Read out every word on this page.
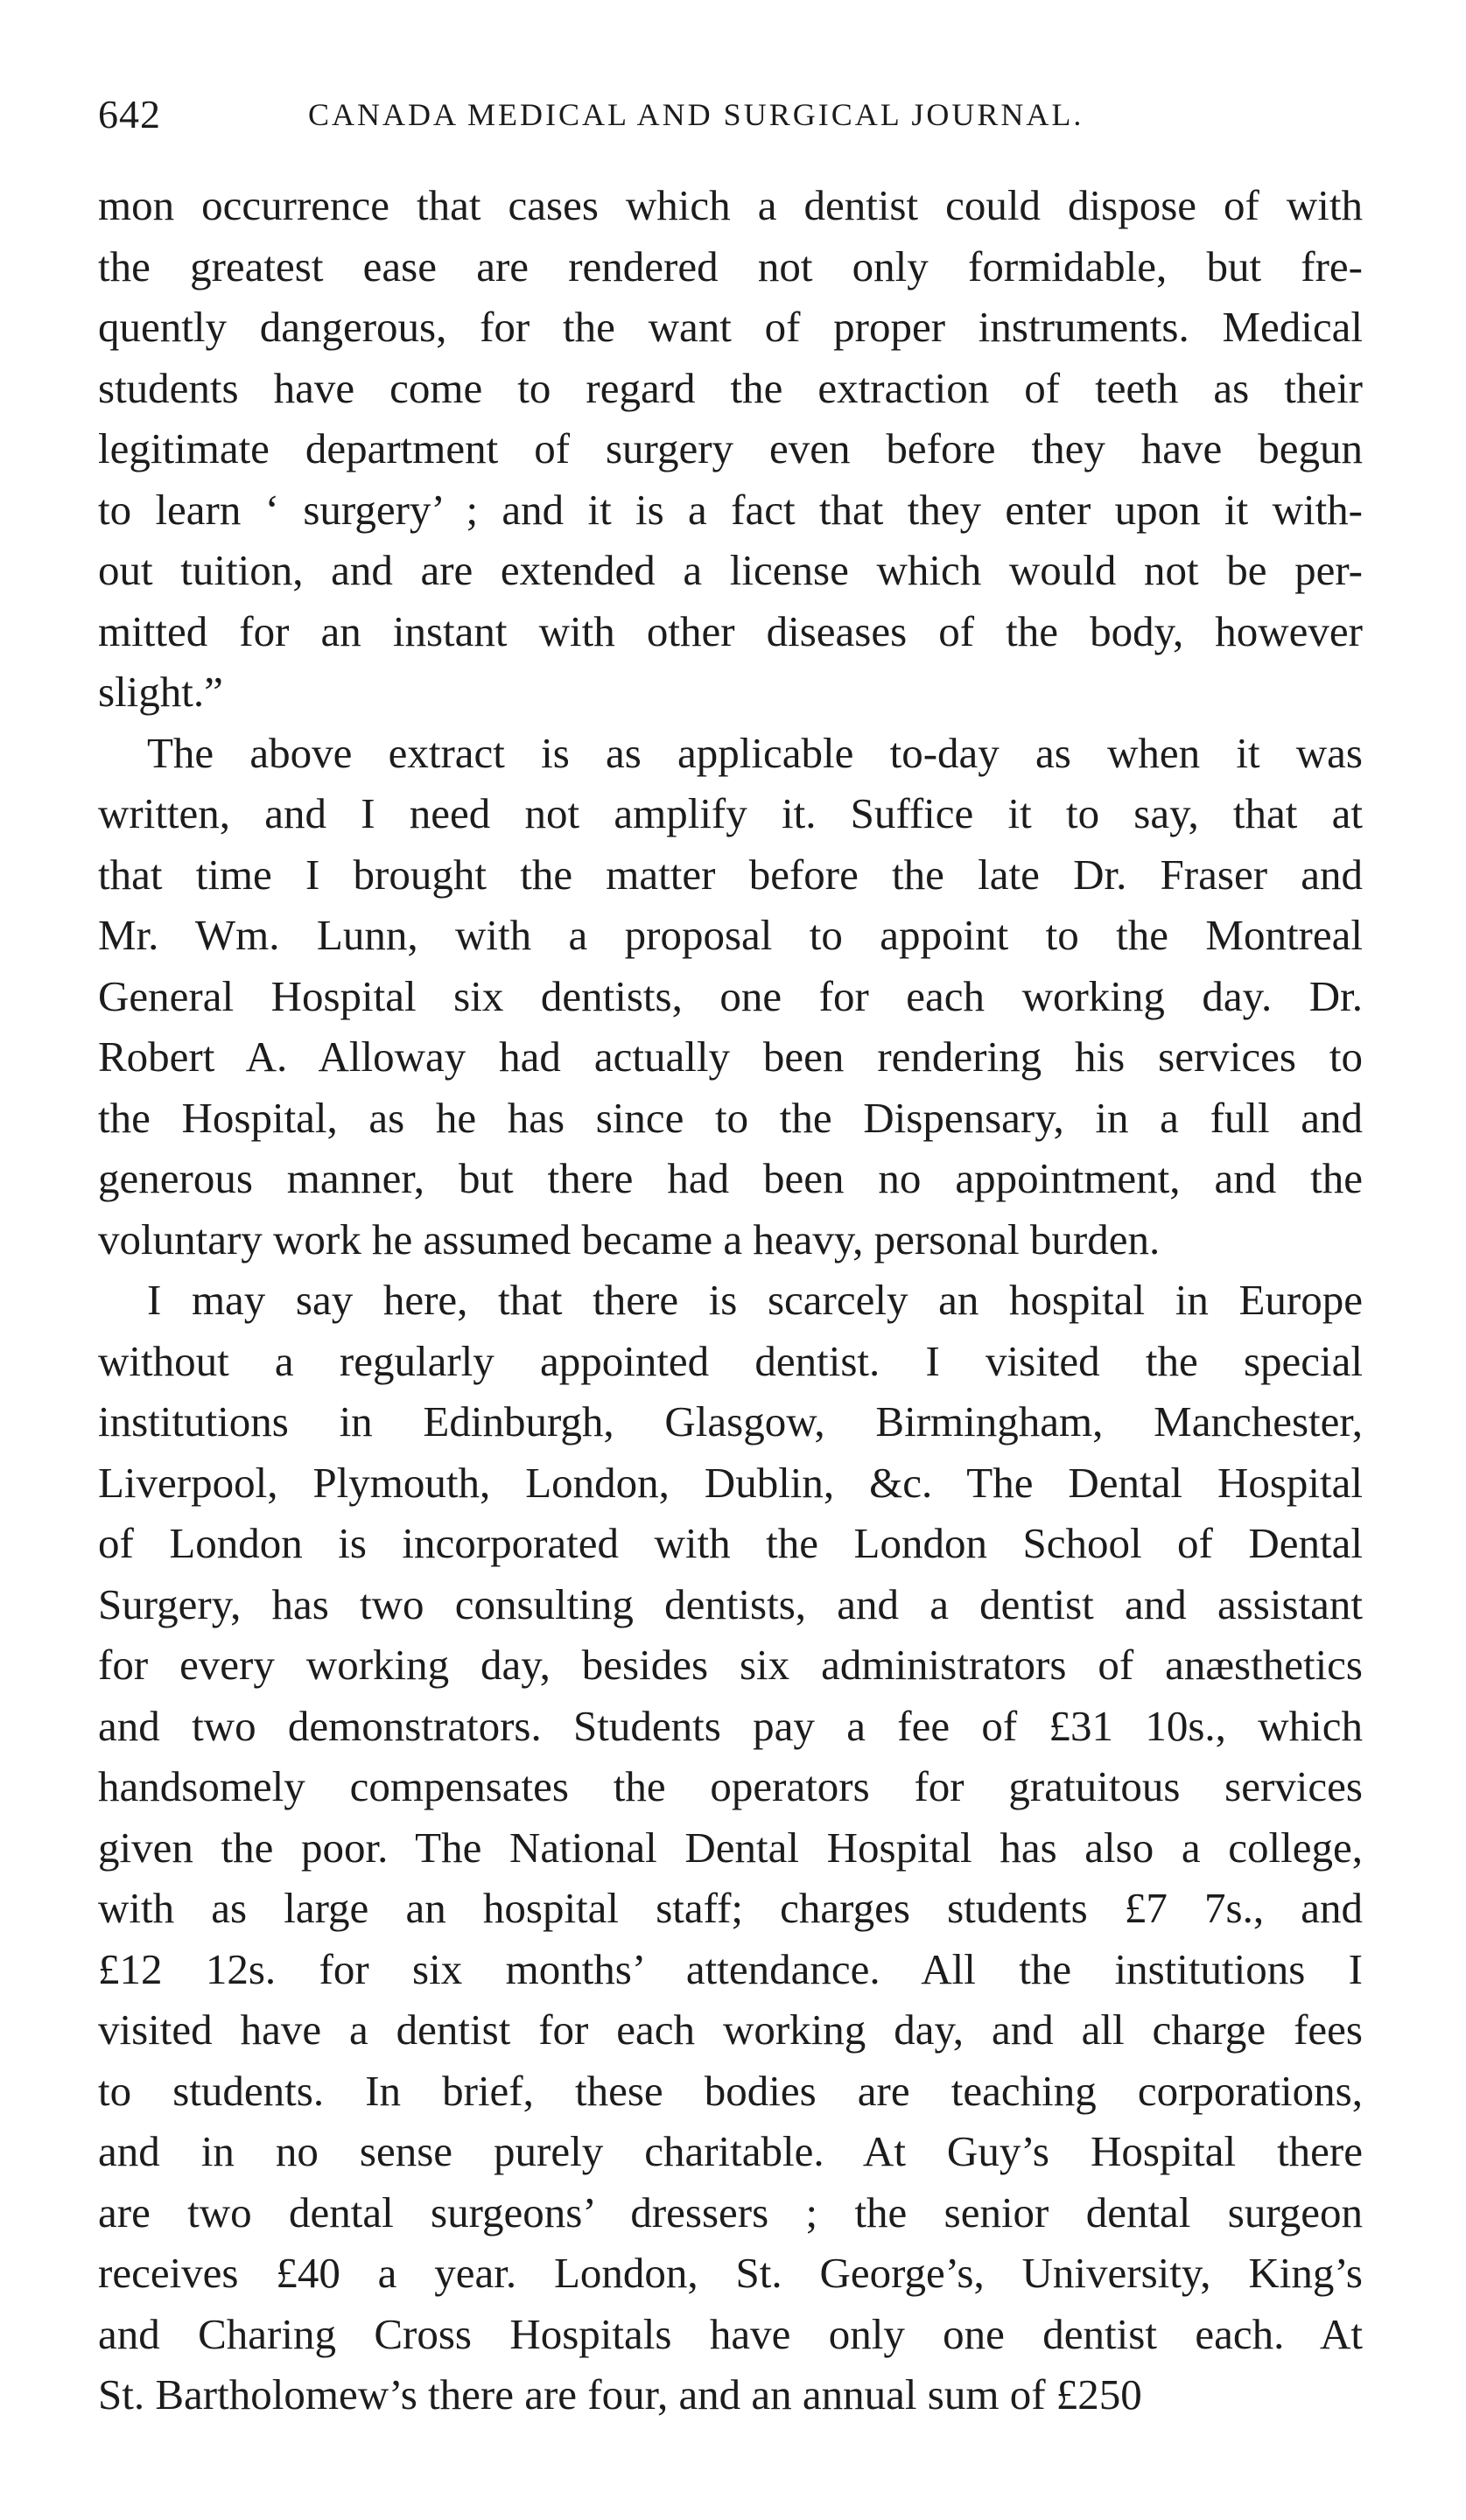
642	CANADA MEDICAL AND SURGICAL JOURNAL.
mon occurrence that cases which a dentist could dispose of with
the greatest ease are rendered not only formidable, but fre-
quently dangerous, for the want of proper instruments. Medical
students have come to regard the extraction of teeth as their
legitimate department of surgery even before they have begun
to learn ‘ surgery’ ; and it is a fact that they enter upon it with-
out tuition, and are extended a license which would not be per-
mitted for an instant with other diseases of the body, however
slight.”
The above extract is as applicable to-day as when it was
written, and I need not amplify it. Suffice it to say, that at
that time I brought the matter before the late Dr. Fraser and
Mr. Wm. Lunn, with a proposal to appoint to the Montreal
General Hospital six dentists, one for each working day. Dr.
Robert A. Alloway had actually been rendering his services to
the Hospital, as he has since to the Dispensary, in a full and
generous manner, but there had been no appointment, and the
voluntary work he assumed became a heavy, personal burden.
I may say here, that there is scarcely an hospital in Europe
without a regularly appointed dentist. I visited the special
institutions in Edinburgh, Glasgow, Birmingham, Manchester,
Liverpool, Plymouth, London, Dublin, &c. The Dental Hospital
of London is incorporated with the London School of Dental
Surgery, has two consulting dentists, and a dentist and assistant
for every working day, besides six administrators of anæsthetics
and two demonstrators. Students pay a fee of £31 10s., which
handsomely compensates the operators for gratuitous services
given the poor. The National Dental Hospital has also a college,
with as large an hospital staff; charges students £7 7s., and
£12 12s. for six months’ attendance. All the institutions I
visited have a dentist for each working day, and all charge fees
to students. In brief, these bodies are teaching corporations,
and in no sense purely charitable. At Guy’s Hospital there
are two dental surgeons’ dressers ; the senior dental surgeon
receives £40 a year. London, St. George’s, University, King’s
and Charing Cross Hospitals have only one dentist each. At
St. Bartholomew’s there are four, and an annual sum of £250
